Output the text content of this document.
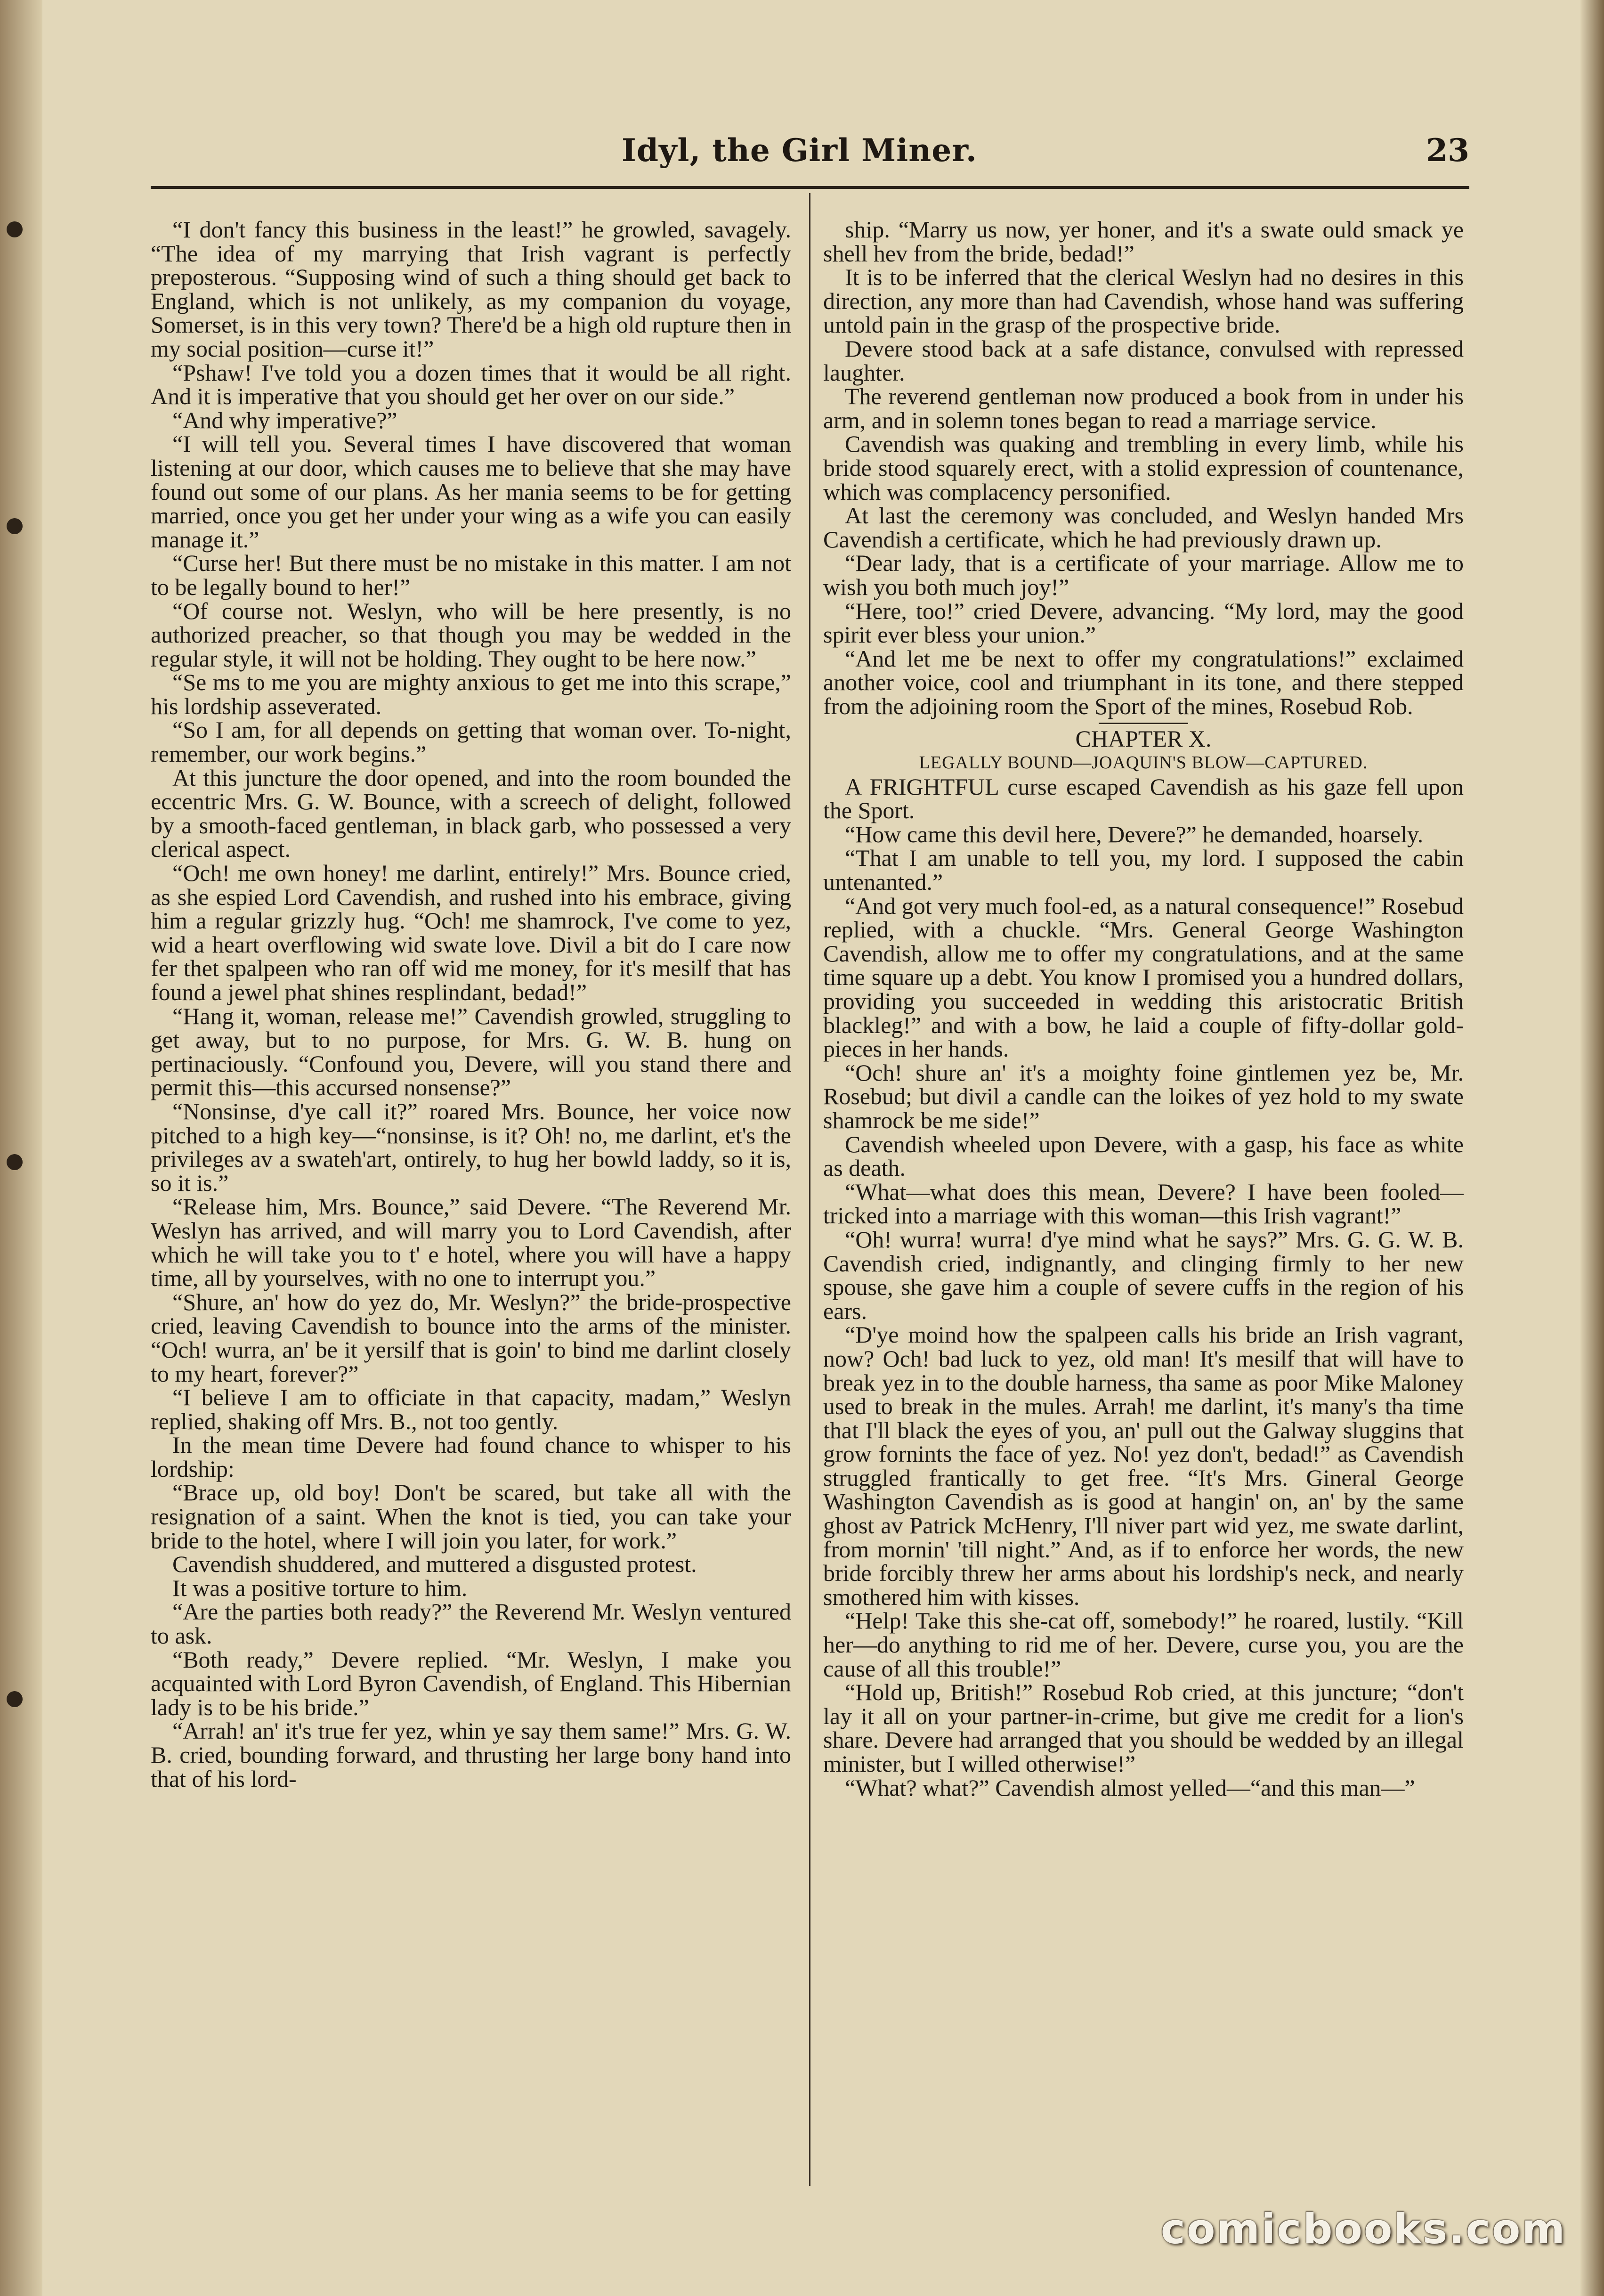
Idyl, the Girl Miner.	23

“I don't fancy this business in the least!” he growled, savagely. “The idea of my marrying that Irish vagrant is perfectly preposterous. “Supposing wind of such a thing should get back to England, which is not unlikely, as my companion du voyage, Somerset, is in this very town? There'd be a high old rupture then in my social position—curse it!”

“Pshaw! I've told you a dozen times that it would be all right. And it is imperative that you should get her over on our side.”

“And why imperative?”

“I will tell you. Several times I have discovered that woman listening at our door, which causes me to believe that she may have found out some of our plans. As her mania seems to be for getting married, once you get her under your wing as a wife you can easily manage it.”

“Curse her! But there must be no mistake in this matter. I am not to be legally bound to her!”

“Of course not. Weslyn, who will be here presently, is no authorized preacher, so that though you may be wedded in the regular style, it will not be holding. They ought to be here now.”

“Se ms to me you are mighty anxious to get me into this scrape,” his lordship asseverated.

“So I am, for all depends on getting that woman over. To-night, remember, our work begins.”

At this juncture the door opened, and into the room bounded the eccentric Mrs. G. W. Bounce, with a screech of delight, followed by a smooth-faced gentleman, in black garb, who possessed a very clerical aspect.

“Och! me own honey! me darlint, entirely!” Mrs. Bounce cried, as she espied Lord Cavendish, and rushed into his embrace, giving him a regular grizzly hug. “Och! me shamrock, I've come to yez, wid a heart overflowing wid swate love. Divil a bit do I care now fer thet spalpeen who ran off wid me money, for it's mesilf that has found a jewel phat shines resplindant, bedad!”

“Hang it, woman, release me!” Cavendish growled, struggling to get away, but to no purpose, for Mrs. G. W. B. hung on pertinaciously. “Confound you, Devere, will you stand there and permit this—this accursed nonsense?”

“Nonsinse, d'ye call it?” roared Mrs. Bounce, her voice now pitched to a high key—“nonsinse, is it? Oh! no, me darlint, et's the privileges av a swateh'art, ontirely, to hug her bowld laddy, so it is, so it is.”

“Release him, Mrs. Bounce,” said Devere. “The Reverend Mr. Weslyn has arrived, and will marry you to Lord Cavendish, after which he will take you to t' e hotel, where you will have a happy time, all by yourselves, with no one to interrupt you.”

“Shure, an' how do yez do, Mr. Weslyn?” the bride-prospective cried, leaving Cavendish to bounce into the arms of the minister. “Och! wurra, an' be it yersilf that is goin' to bind me darlint closely to my heart, forever?”

“I believe I am to officiate in that capacity, madam,” Weslyn replied, shaking off Mrs. B., not too gently.

In the mean time Devere had found chance to whisper to his lordship:

“Brace up, old boy! Don't be scared, but take all with the resignation of a saint. When the knot is tied, you can take your bride to the hotel, where I will join you later, for work.”

Cavendish shuddered, and muttered a disgusted protest.

It was a positive torture to him.

“Are the parties both ready?” the Reverend Mr. Weslyn ventured to ask.

“Both ready,” Devere replied. “Mr. Weslyn, I make you acquainted with Lord Byron Cavendish, of England. This Hibernian lady is to be his bride.”

“Arrah! an' it's true fer yez, whin ye say them same!” Mrs. G. W. B. cried, bounding forward, and thrusting her large bony hand into that of his lord-

ship. “Marry us now, yer honer, and it's a swate ould smack ye shell hev from the bride, bedad!”

It is to be inferred that the clerical Weslyn had no desires in this direction, any more than had Cavendish, whose hand was suffering untold pain in the grasp of the prospective bride.

Devere stood back at a safe distance, convulsed with repressed laughter.

The reverend gentleman now produced a book from in under his arm, and in solemn tones began to read a marriage service.

Cavendish was quaking and trembling in every limb, while his bride stood squarely erect, with a stolid expression of countenance, which was complacency personified.

At last the ceremony was concluded, and Weslyn handed Mrs Cavendish a certificate, which he had previously drawn up.

“Dear lady, that is a certificate of your marriage. Allow me to wish you both much joy!”

“Here, too!” cried Devere, advancing. “My lord, may the good spirit ever bless your union.”

“And let me be next to offer my congratulations!” exclaimed another voice, cool and triumphant in its tone, and there stepped from the adjoining room the Sport of the mines, Rosebud Rob.

CHAPTER X.

LEGALLY BOUND—JOAQUIN'S BLOW—CAPTURED.

A FRIGHTFUL curse escaped Cavendish as his gaze fell upon the Sport.

“How came this devil here, Devere?” he demanded, hoarsely.

“That I am unable to tell you, my lord. I supposed the cabin untenanted.”

“And got very much fool-ed, as a natural consequence!” Rosebud replied, with a chuckle. “Mrs. General George Washington Cavendish, allow me to offer my congratulations, and at the same time square up a debt. You know I promised you a hundred dollars, providing you succeeded in wedding this aristocratic British blackleg!” and with a bow, he laid a couple of fifty-dollar gold-pieces in her hands.

“Och! shure an' it's a moighty foine gintlemen yez be, Mr. Rosebud; but divil a candle can the loikes of yez hold to my swate shamrock be me side!”

Cavendish wheeled upon Devere, with a gasp, his face as white as death.

“What—what does this mean, Devere? I have been fooled—tricked into a marriage with this woman—this Irish vagrant!”

“Oh! wurra! wurra! d'ye mind what he says?” Mrs. G. G. W. B. Cavendish cried, indignantly, and clinging firmly to her new spouse, she gave him a couple of severe cuffs in the region of his ears.

“D'ye moind how the spalpeen calls his bride an Irish vagrant, now? Och! bad luck to yez, old man! It's mesilf that will have to break yez in to the double harness, tha same as poor Mike Maloney used to break in the mules. Arrah! me darlint, it's many's tha time that I'll black the eyes of you, an' pull out the Galway sluggins that grow fornints the face of yez. No! yez don't, bedad!” as Cavendish struggled frantically to get free. “It's Mrs. Gineral George Washington Cavendish as is good at hangin' on, an' by the same ghost av Patrick McHenry, I'll niver part wid yez, me swate darlint, from mornin' 'till night.” And, as if to enforce her words, the new bride forcibly threw her arms about his lordship's neck, and nearly smothered him with kisses.

“Help! Take this she-cat off, somebody!” he roared, lustily. “Kill her—do anything to rid me of her. Devere, curse you, you are the cause of all this trouble!”

“Hold up, British!” Rosebud Rob cried, at this juncture; “don't lay it all on your partner-in-crime, but give me credit for a lion's share. Devere had arranged that you should be wedded by an illegal minister, but I willed otherwise!”

“What? what?” Cavendish almost yelled—“and this man—”

comicbooks.com
